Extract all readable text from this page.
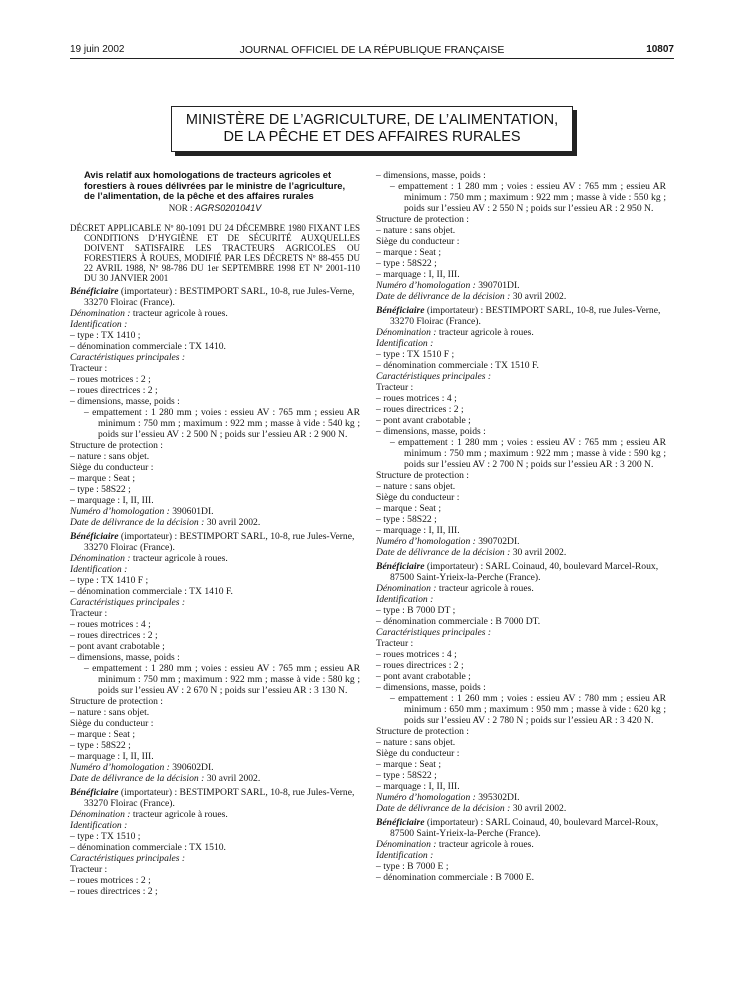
19 juin 2002	JOURNAL OFFICIEL DE LA RÉPUBLIQUE FRANÇAISE	10807
MINISTÈRE DE L’AGRICULTURE, DE L’ALIMENTATION,
DE LA PÊCHE ET DES AFFAIRES RURALES
Avis relatif aux homologations de tracteurs agricoles et forestiers à roues délivrées par le ministre de l’agriculture, de l’alimentation, de la pêche et des affaires rurales
NOR : AGRS0201041V
DÉCRET APPLICABLE Nº 80-1091 DU 24 DÉCEMBRE 1980 FIXANT LES CONDITIONS D’HYGIÈNE ET DE SÉCURITÉ AUXQUELLES DOIVENT SATISFAIRE LES TRACTEURS AGRICOLES OU FORESTIERS À ROUES, MODIFIÉ PAR LES DÉCRETS Nº 88-455 DU 22 AVRIL 1988, Nº 98-786 DU 1er SEPTEMBRE 1998 ET Nº 2001-110 DU 30 JANVIER 2001
Bénéficiaire (importateur) : BESTIMPORT SARL, 10-8, rue Jules-Verne, 33270 Floirac (France).
Dénomination : tracteur agricole à roues.
Identification :
– type : TX 1410 ;
– dénomination commerciale : TX 1410.
Caractéristiques principales :
Tracteur :
– roues motrices : 2 ;
– roues directrices : 2 ;
– dimensions, masse, poids :
– empattement : 1 280 mm ; voies : essieu AV : 765 mm ; essieu AR minimum : 750 mm ; maximum : 922 mm ; masse à vide : 540 kg ; poids sur l’essieu AV : 2 500 N ; poids sur l’essieu AR : 2 900 N.
Structure de protection :
– nature : sans objet.
Siège du conducteur :
– marque : Seat ;
– type : 58S22 ;
– marquage : I, II, III.
Numéro d’homologation : 390601DI.
Date de délivrance de la décision : 30 avril 2002.
Bénéficiaire (importateur) : BESTIMPORT SARL, 10-8, rue Jules-Verne, 33270 Floirac (France).
Dénomination : tracteur agricole à roues.
Identification :
– type : TX 1410 F ;
– dénomination commerciale : TX 1410 F.
Caractéristiques principales :
Tracteur :
– roues motrices : 4 ;
– roues directrices : 2 ;
– pont avant crabotable ;
– dimensions, masse, poids :
– empattement : 1 280 mm ; voies : essieu AV : 765 mm ; essieu AR minimum : 750 mm ; maximum : 922 mm ; masse à vide : 580 kg ; poids sur l’essieu AV : 2 670 N ; poids sur l’essieu AR : 3 130 N.
Structure de protection :
– nature : sans objet.
Siège du conducteur :
– marque : Seat ;
– type : 58S22 ;
– marquage : I, II, III.
Numéro d’homologation : 390602DI.
Date de délivrance de la décision : 30 avril 2002.
Bénéficiaire (importateur) : BESTIMPORT SARL, 10-8, rue Jules-Verne, 33270 Floirac (France).
Dénomination : tracteur agricole à roues.
Identification :
– type : TX 1510 ;
– dénomination commerciale : TX 1510.
Caractéristiques principales :
Tracteur :
– roues motrices : 2 ;
– roues directrices : 2 ;
– dimensions, masse, poids :
– empattement : 1 280 mm ; voies : essieu AV : 765 mm ; essieu AR minimum : 750 mm ; maximum : 922 mm ; masse à vide : 550 kg ; poids sur l’essieu AV : 2 550 N ; poids sur l’essieu AR : 2 950 N.
Structure de protection :
– nature : sans objet.
Siège du conducteur :
– marque : Seat ;
– type : 58S22 ;
– marquage : I, II, III.
Numéro d’homologation : 390701DI.
Date de délivrance de la décision : 30 avril 2002.
Bénéficiaire (importateur) : BESTIMPORT SARL, 10-8, rue Jules-Verne, 33270 Floirac (France).
Dénomination : tracteur agricole à roues.
Identification :
– type : TX 1510 F ;
– dénomination commerciale : TX 1510 F.
Caractéristiques principales :
Tracteur :
– roues motrices : 4 ;
– roues directrices : 2 ;
– pont avant crabotable ;
– dimensions, masse, poids :
– empattement : 1 280 mm ; voies : essieu AV : 765 mm ; essieu AR minimum : 750 mm ; maximum : 922 mm ; masse à vide : 590 kg ; poids sur l’essieu AV : 2 700 N ; poids sur l’essieu AR : 3 200 N.
Structure de protection :
– nature : sans objet.
Siège du conducteur :
– marque : Seat ;
– type : 58S22 ;
– marquage : I, II, III.
Numéro d’homologation : 390702DI.
Date de délivrance de la décision : 30 avril 2002.
Bénéficiaire (importateur) : SARL Coinaud, 40, boulevard Marcel-Roux, 87500 Saint-Yrieix-la-Perche (France).
Dénomination : tracteur agricole à roues.
Identification :
– type : B 7000 DT ;
– dénomination commerciale : B 7000 DT.
Caractéristiques principales :
Tracteur :
– roues motrices : 4 ;
– roues directrices : 2 ;
– pont avant crabotable ;
– dimensions, masse, poids :
– empattement : 1 260 mm ; voies : essieu AV : 780 mm ; essieu AR minimum : 650 mm ; maximum : 950 mm ; masse à vide : 620 kg ; poids sur l’essieu AV : 2 780 N ; poids sur l’essieu AR : 3 420 N.
Structure de protection :
– nature : sans objet.
Siège du conducteur :
– marque : Seat ;
– type : 58S22 ;
– marquage : I, II, III.
Numéro d’homologation : 395302DI.
Date de délivrance de la décision : 30 avril 2002.
Bénéficiaire (importateur) : SARL Coinaud, 40, boulevard Marcel-Roux, 87500 Saint-Yrieix-la-Perche (France).
Dénomination : tracteur agricole à roues.
Identification :
– type : B 7000 E ;
– dénomination commerciale : B 7000 E.
